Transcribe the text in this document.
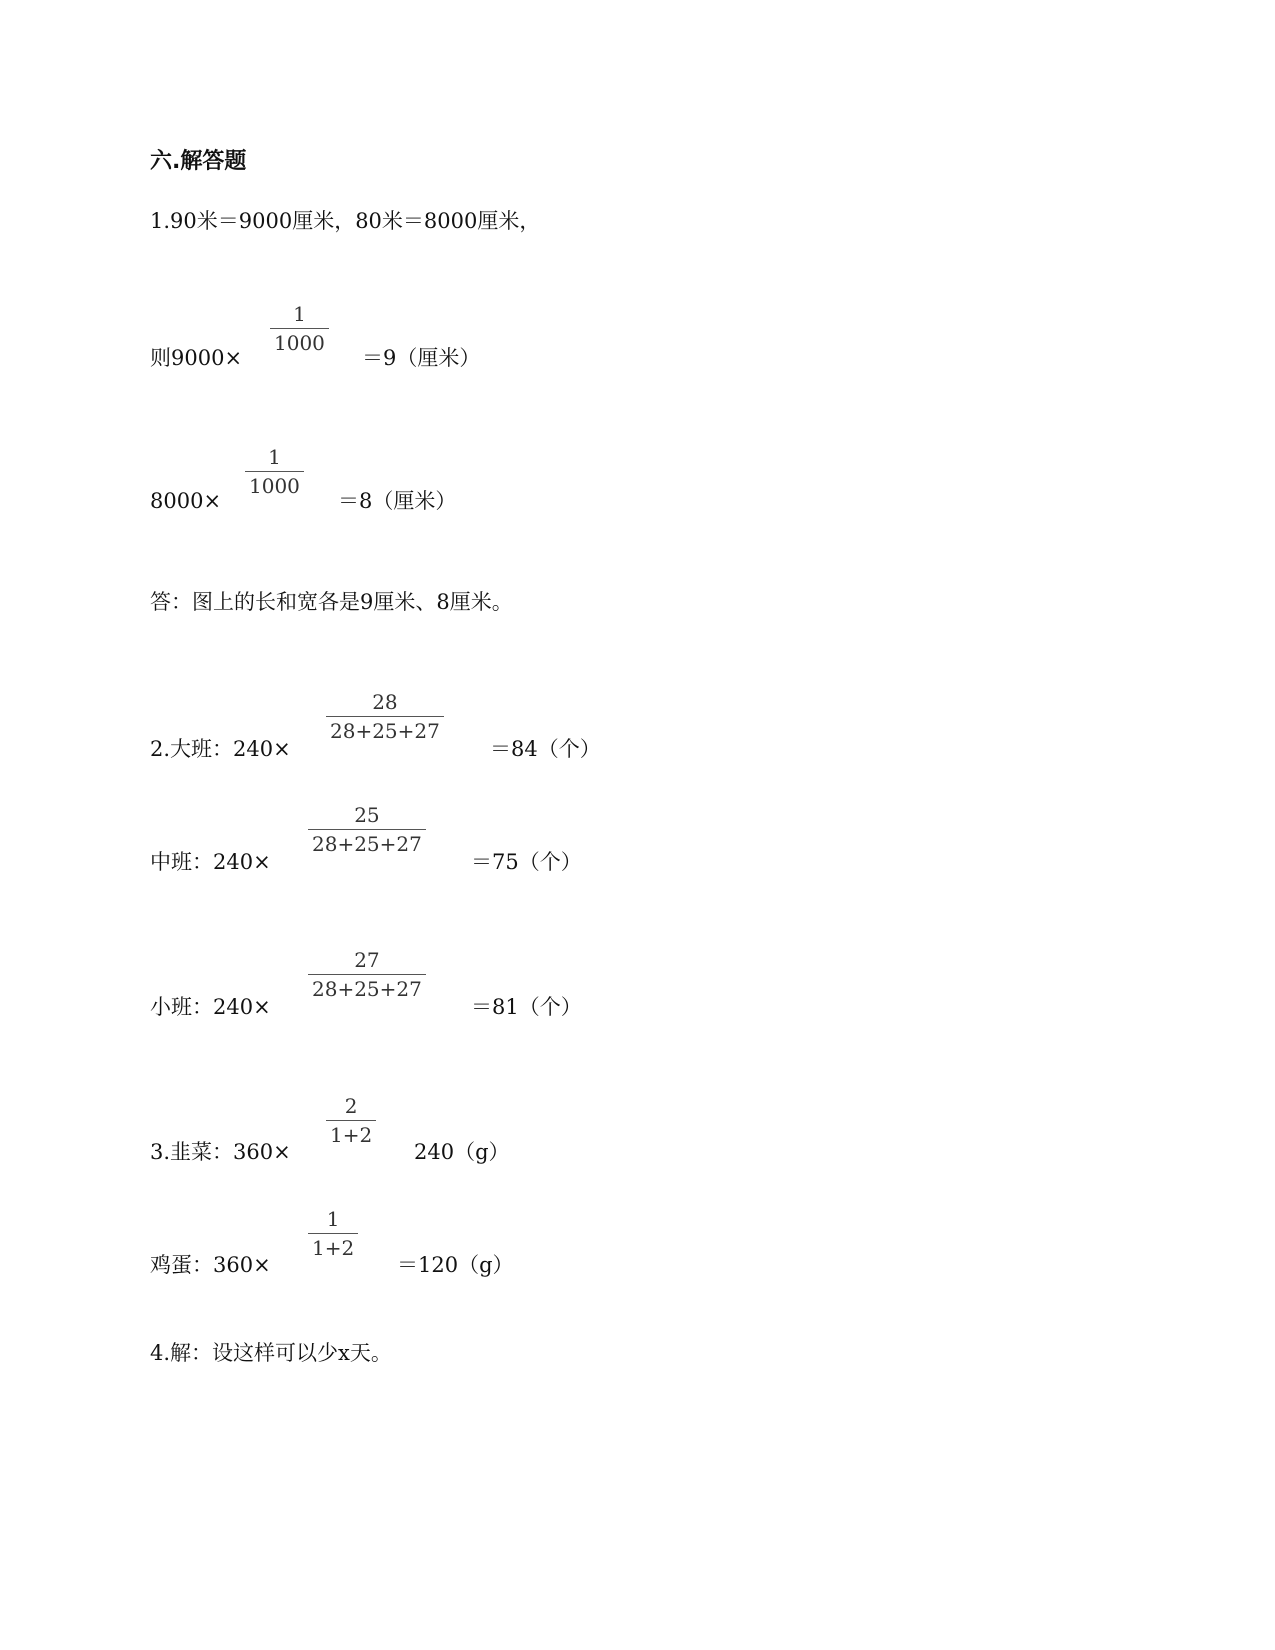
六.解答题
1.90米＝9000厘米，80米＝8000厘米，
则9000×
1
1000
＝9（厘米）
8000×
1
1000
＝8（厘米）
答：图上的长和宽各是9厘米、8厘米。
2.大班：240×
28
28+25+27
＝84（个）
中班：240×
25
28+25+27
＝75（个）
小班：240×
27
28+25+27
＝81（个）
3.韭菜：360×
2
1+2
240（g）
鸡蛋：360×
1
1+2
＝120（g）
4.解：设这样可以少x天。
